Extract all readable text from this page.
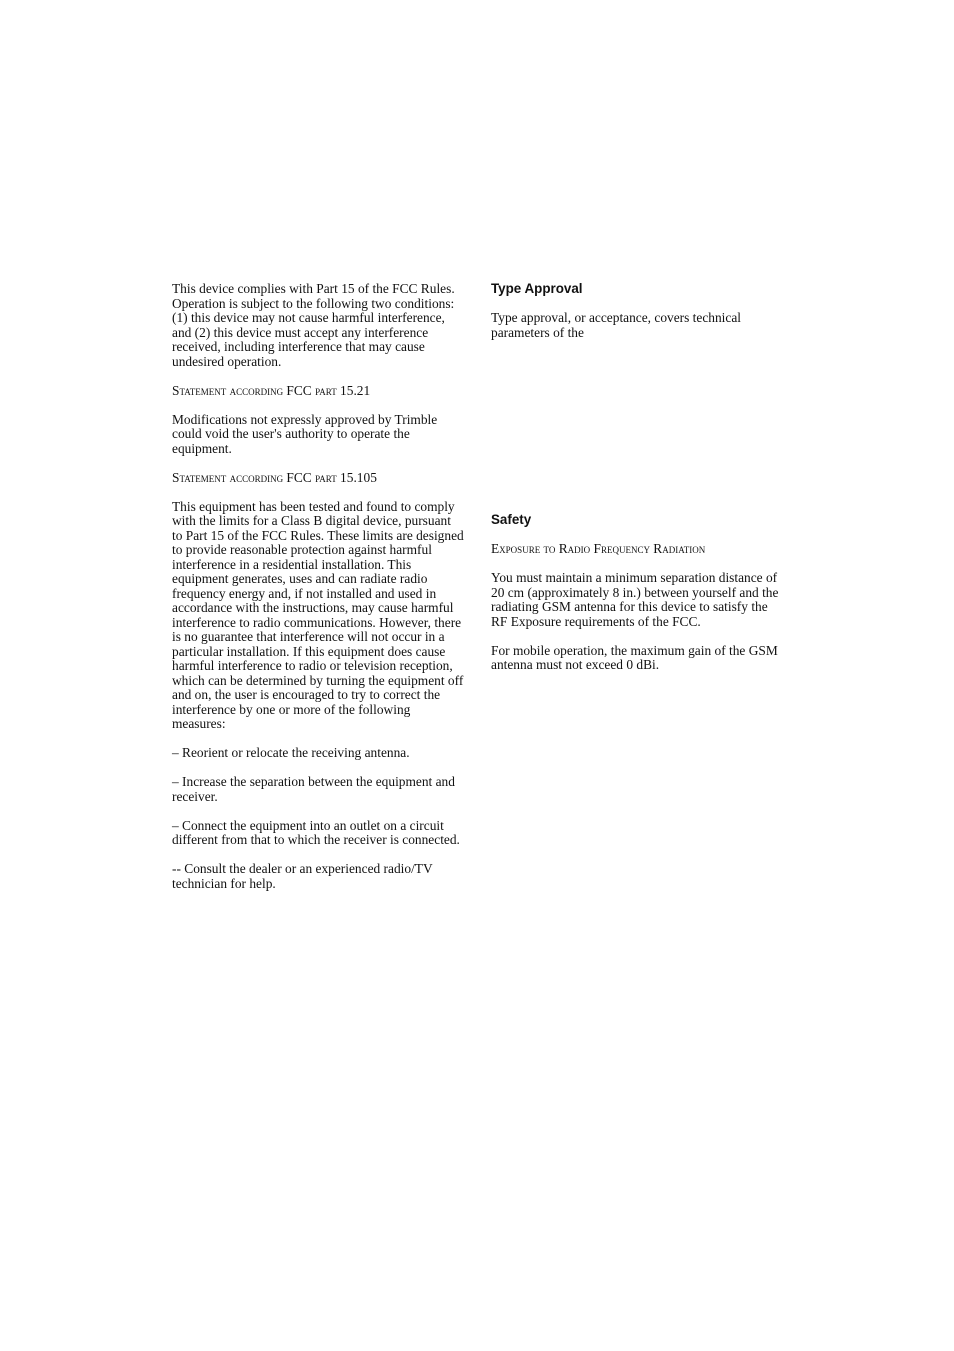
This device complies with Part 15 of the FCC Rules. Operation is subject to the following two conditions: (1) this device may not cause harmful interference, and (2) this device must accept any interference received, including interference that may cause undesired operation.

Statement according FCC part 15.21

Modifications not expressly approved by Trimble could void the user's authority to operate the equipment.

Statement according FCC part 15.105

This equipment has been tested and found to comply with the limits for a Class B digital device, pursuant to Part 15 of the FCC Rules. These limits are designed to provide reasonable protection against harmful interference in a residential installation. This equipment generates, uses and can radiate radio frequency energy and, if not installed and used in accordance with the instructions, may cause harmful interference to radio communications. However, there is no guarantee that interference will not occur in a particular installation. If this equipment does cause harmful interference to radio or television reception, which can be determined by turning the equipment off and on, the user is encouraged to try to correct the interference by one or more of the following measures:

– Reorient or relocate the receiving antenna.

– Increase the separation between the equipment and receiver.

– Connect the equipment into an outlet on a circuit different from that to which the receiver is connected.

-- Consult the dealer or an experienced radio/TV technician for help.

Type Approval

Type approval, or acceptance, covers technical parameters of the

Safety

Exposure to Radio Frequency Radiation

You must maintain a minimum separation distance of 20 cm (approximately 8 in.) between yourself and the radiating GSM antenna for this device to satisfy the RF Exposure requirements of the FCC.

For mobile operation, the maximum gain of the GSM antenna must not exceed 0 dBi.
